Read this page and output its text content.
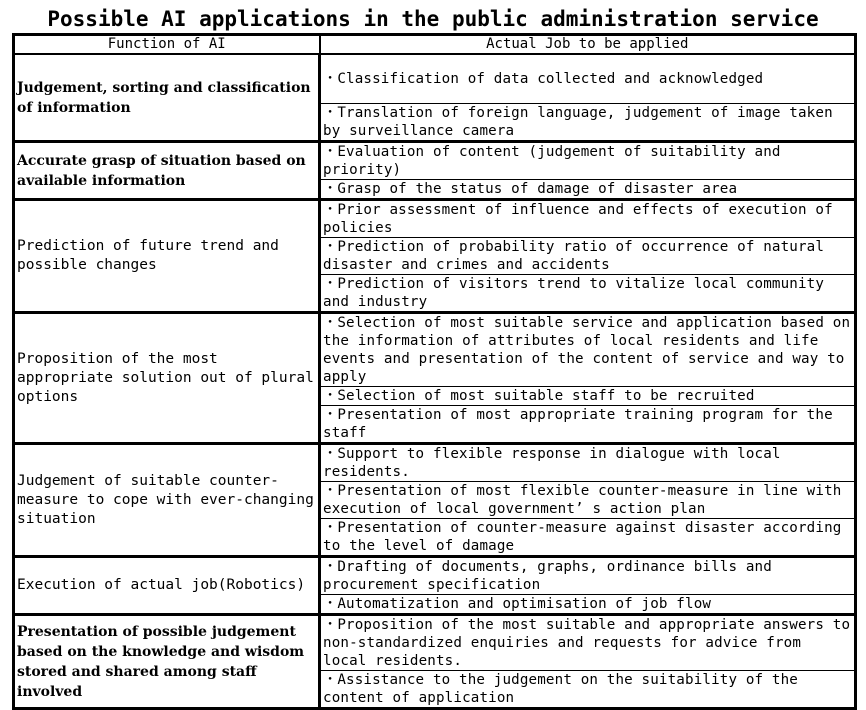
Possible AI applications in the public administration service
Function of AI	Actual Job to be applied
Judgement, sorting and classification of information	・Classification of data collected and acknowledged
	・Translation of foreign language, judgement of image taken by surveillance camera
Accurate grasp of situation based on available information	・Evaluation of content (judgement of suitability and priority)
	・Grasp of the status of damage of disaster area
Prediction of future trend and possible changes	・Prior assessment of influence and effects of execution of policies
	・Prediction of probability ratio of occurrence of natural disaster and crimes and accidents
	・Prediction of visitors trend to vitalize local community and industry
Proposition of the most appropriate solution out of plural options	・Selection of most suitable service and application based on the information of attributes of local residents and life events and presentation of the content of service and way to apply
	・Selection of most suitable staff to be recruited
	・Presentation of most appropriate training program for the staff
Judgement of suitable counter-measure to cope with ever-changing situation	・Support to flexible response in dialogue with local residents.
	・Presentation of most flexible counter-measure in line with execution of local government’ s action plan
	・Presentation of counter-measure against disaster according to the level of damage
Execution of actual job(Robotics)	・Drafting of documents, graphs, ordinance bills and procurement specification
	・Automatization and optimisation of job flow
Presentation of possible judgement based on the knowledge and wisdom stored and shared among staff involved	・Proposition of the most suitable and appropriate answers to non-standardized enquiries and requests for advice from local residents.
	・Assistance to the judgement on the suitability of the content of application
